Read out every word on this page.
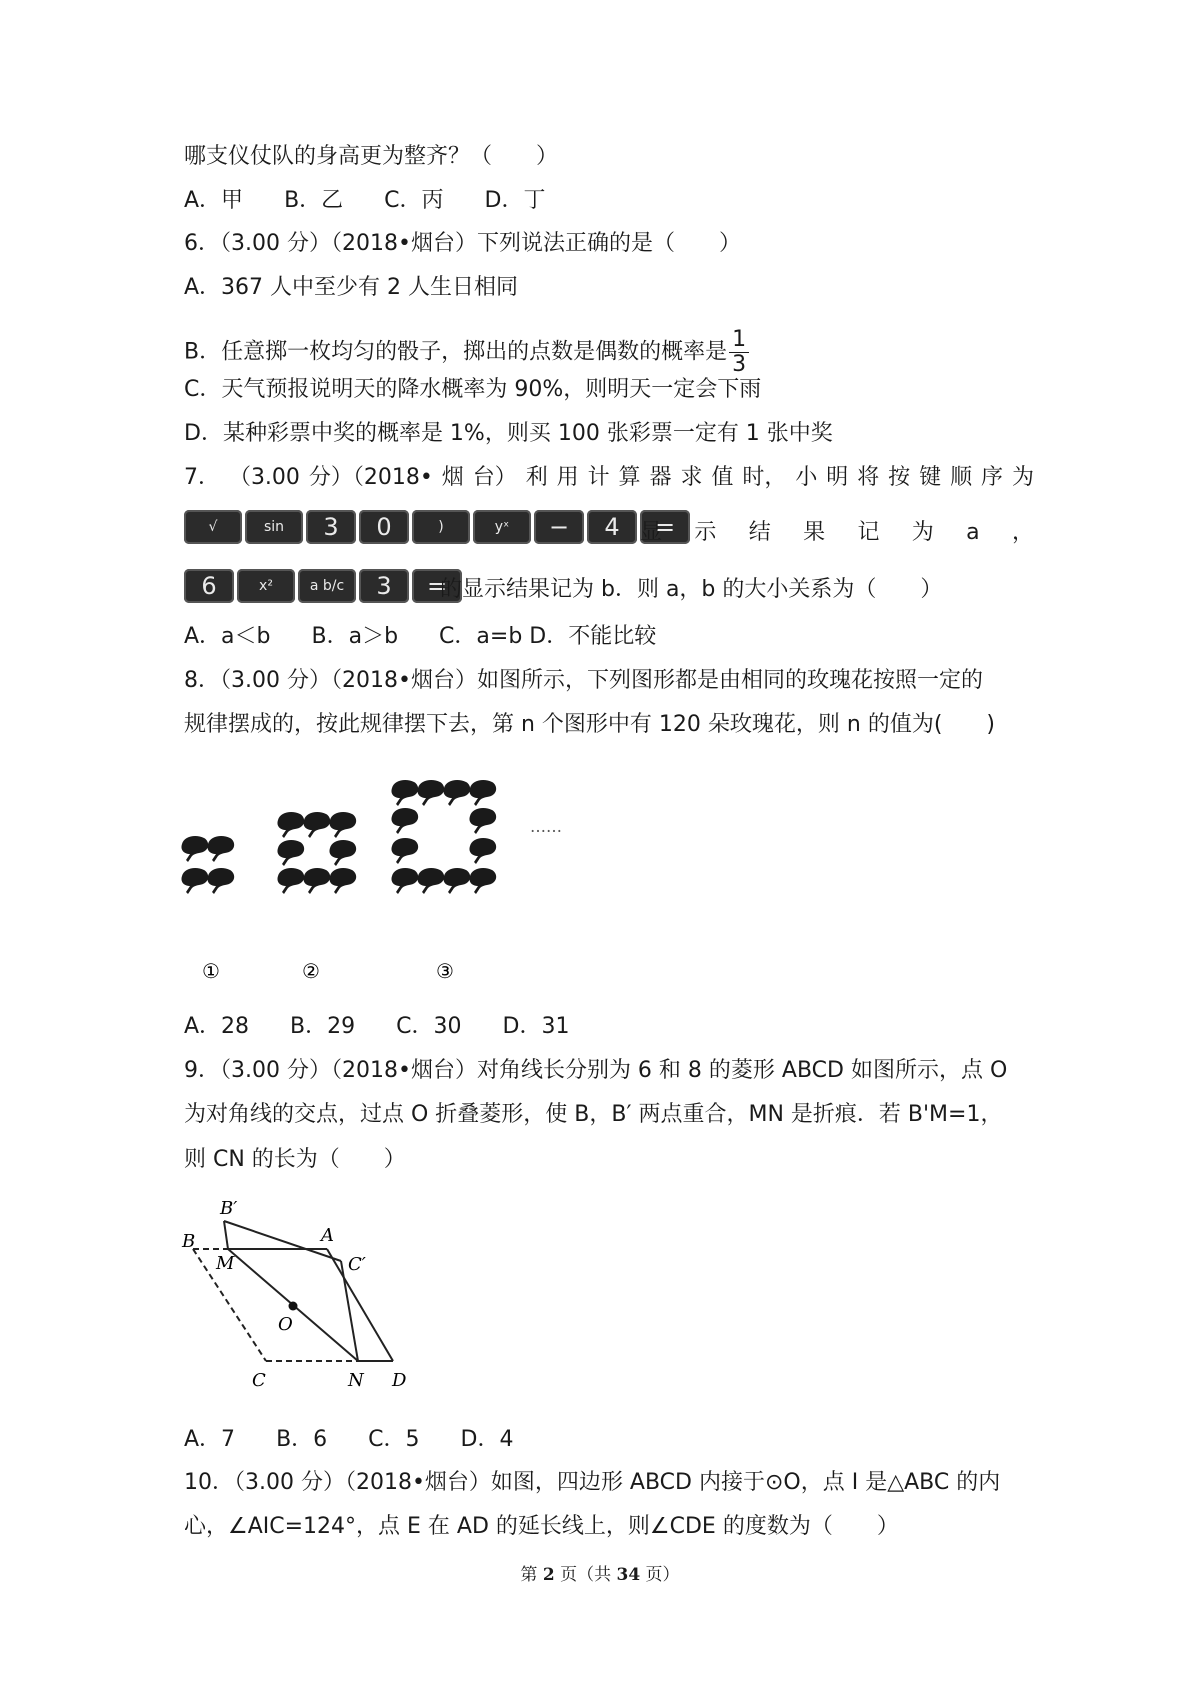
哪支仪仗队的身高更为整齐？（　　）
A．甲 B．乙 C．丙 D．丁
6．（3.00 分）（2018•烟台）下列说法正确的是（　　）
A．367 人中至少有 2 人生日相同
B．任意掷一枚均匀的骰子，掷出的点数是偶数的概率是 $\frac{1}{3}$
C．天气预报说明天的降水概率为 90%，则明天一定会下雨
D．某种彩票中奖的概率是 1%，则买 100 张彩票一定有 1 张中奖
7． （3.00 分）（2018• 烟 台） 利 用 计 算 器 求 值 时， 小 明 将 按 键 顺 序 为
√	sin	3	0	)	yˣ	−	4	=
显 示 结 果 记 为 a ，
6	x²	a b/c	3	=
的显示结果记为 b．则 a，b 的大小关系为（　　）
A．a＜b B．a＞b C．a=b D．不能比较
8．（3.00 分）（2018•烟台）如图所示，下列图形都是由相同的玫瑰花按照一定的
规律摆成的，按此规律摆下去，第 n 个图形中有 120 朵玫瑰花，则 n 的值为(　　)
……
①	②	③
A．28 B．29 C．30 D．31
9．（3.00 分）（2018•烟台）对角线长分别为 6 和 8 的菱形 ABCD 如图所示，点 O
为对角线的交点，过点 O 折叠菱形，使 B，B′ 两点重合，MN 是折痕．若 B'M=1，
则 CN 的长为（　　）
B′
B	A
M	C′
O
C	N D
A．7 B．6 C．5 D．4
10．（3.00 分）（2018•烟台）如图，四边形 ABCD 内接于⊙O，点 I 是△ABC 的内
心，∠AIC=124°，点 E 在 AD 的延长线上，则∠CDE 的度数为（　　）
第 2 页（共 34 页）
